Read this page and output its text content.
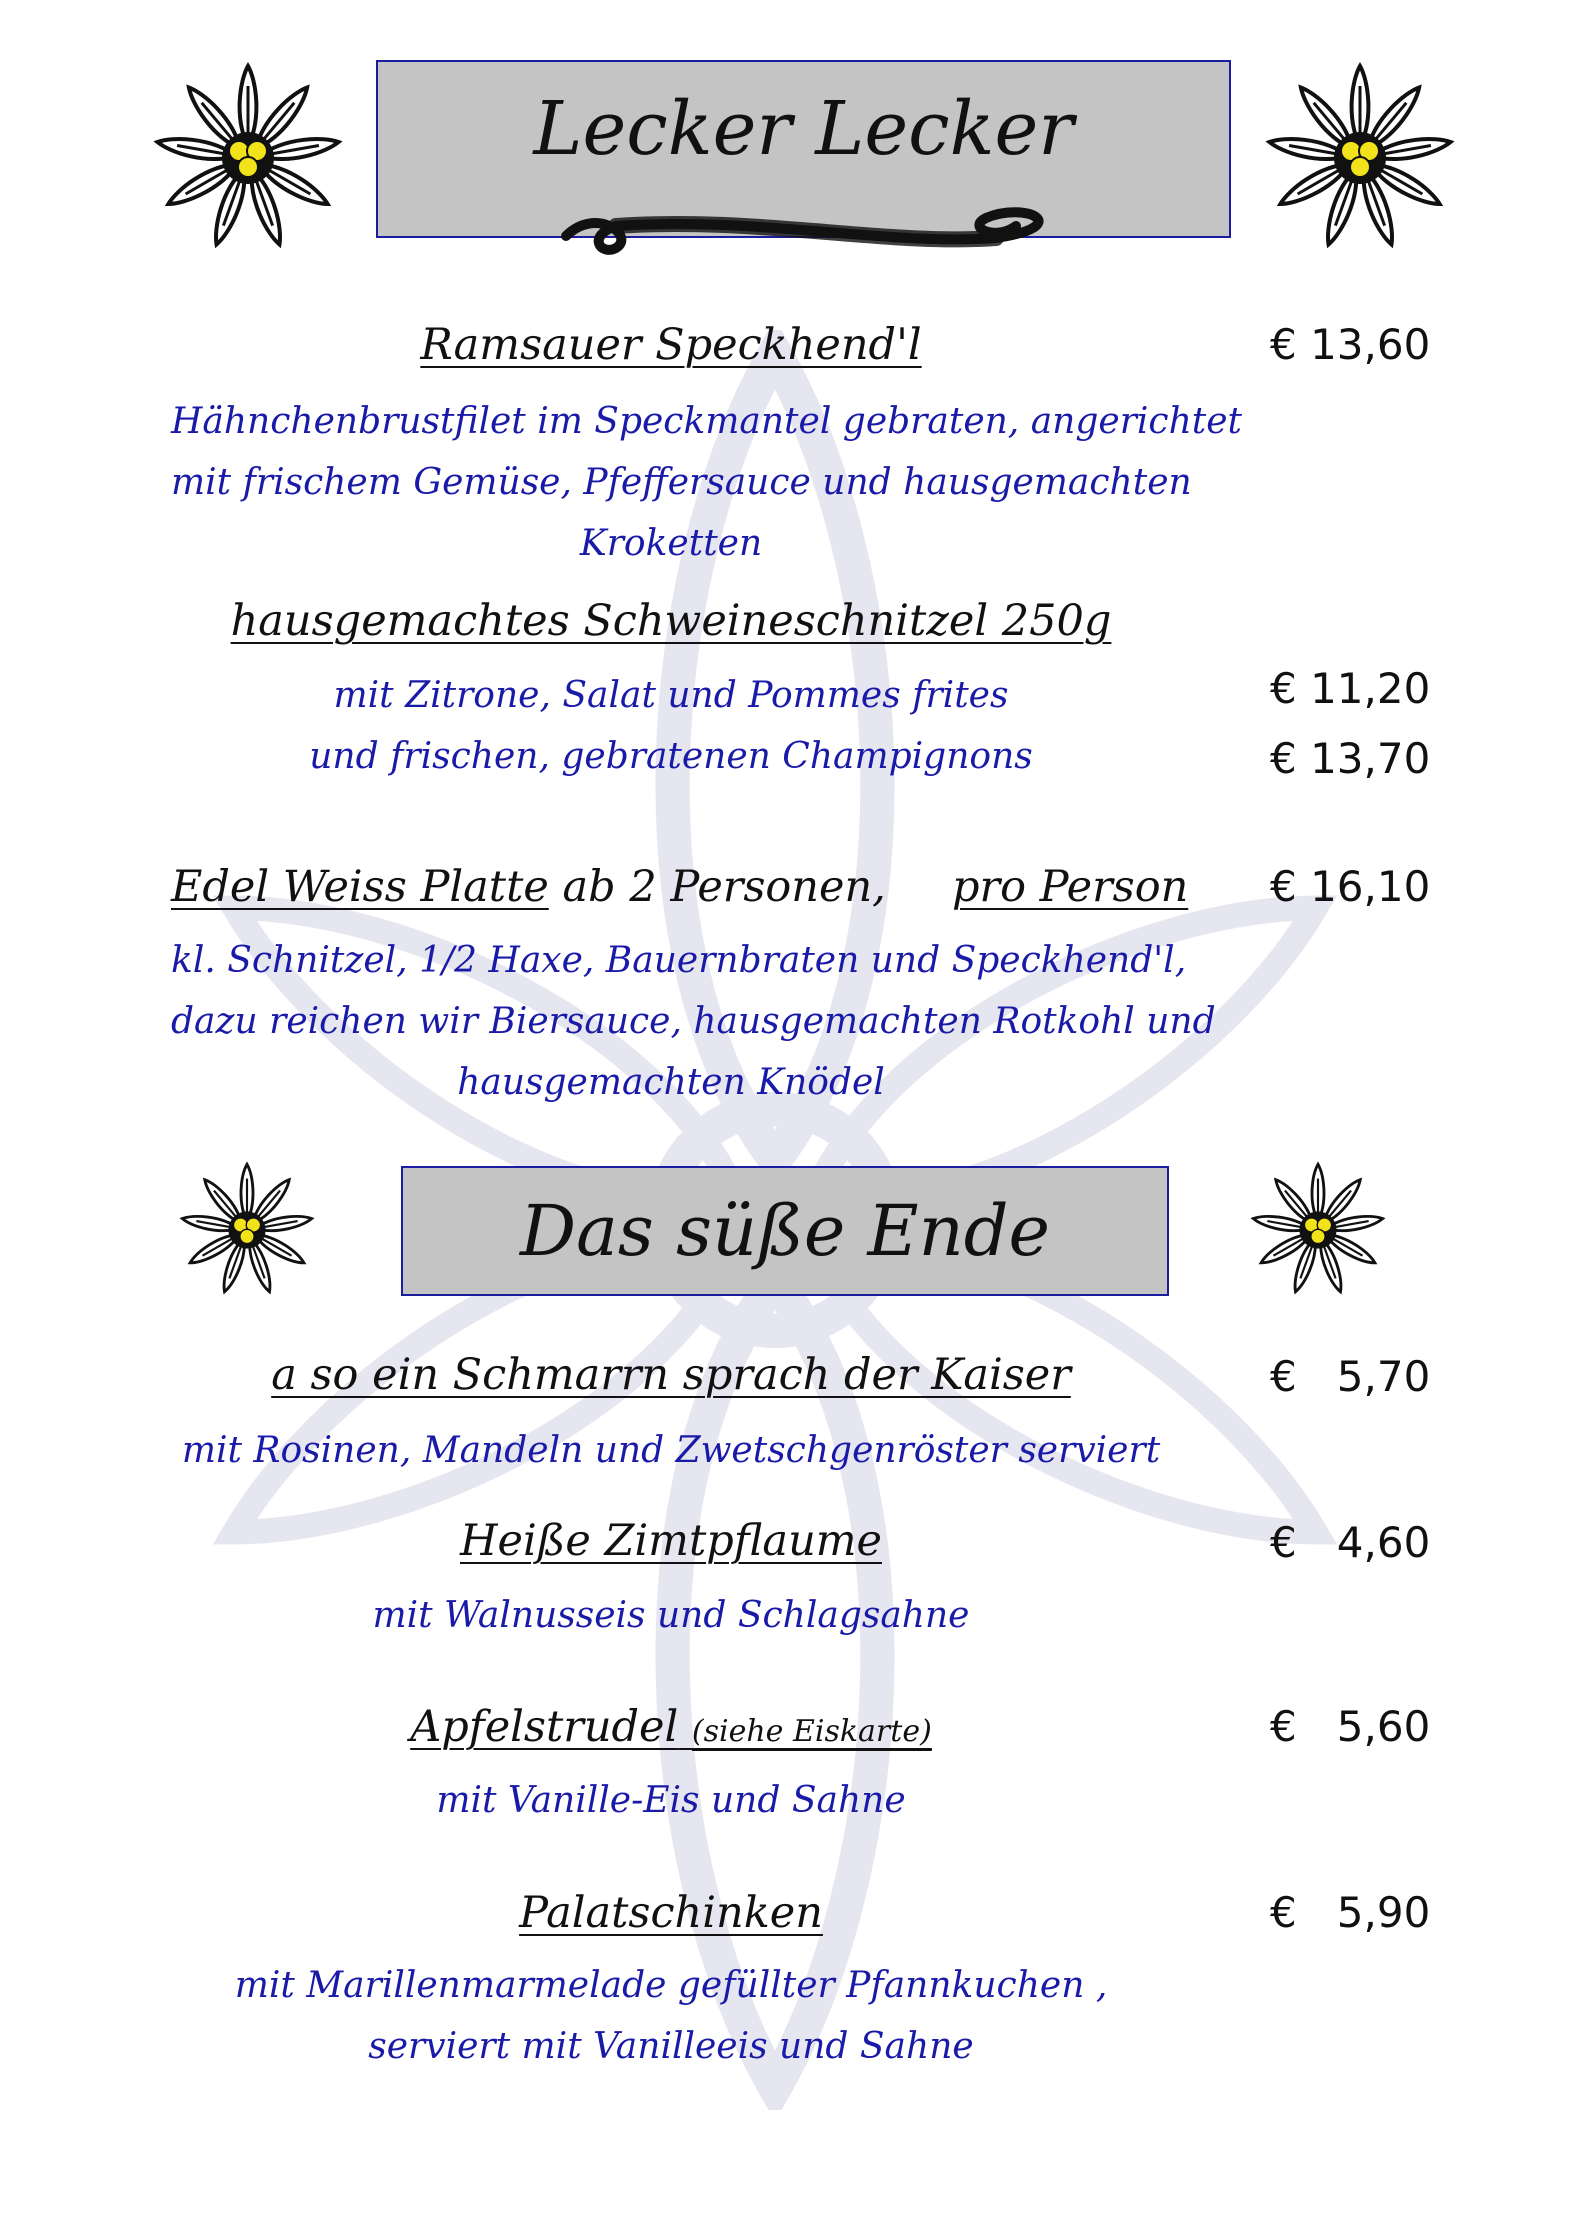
Lecker Lecker
Ramsauer Speckhend'l
Hähnchenbrustfilet im Speckmantel gebraten, angerichtet
mit frischem Gemüse, Pfeffersauce und hausgemachten
Kroketten
€ 13,60
hausgemachtes Schweineschnitzel 250g
mit Zitrone, Salat und Pommes frites
und frischen, gebratenen Champignons
€ 11,20
€ 13,70
Edel Weiss Platte ab 2 Personen, pro Person € 16,10
kl. Schnitzel, 1/2 Haxe, Bauernbraten und Speckhend'l,
dazu reichen wir Biersauce, hausgemachten Rotkohl und
hausgemachten Knödel
Das süße Ende
a so ein Schmarrn sprach der Kaiser
mit Rosinen, Mandeln und Zwetschgenröster serviert
€   5,70
Heiße Zimtpflaume
mit Walnusseis und Schlagsahne
€   4,60
Apfelstrudel (siehe Eiskarte)
mit Vanille-Eis und Sahne
€   5,60
Palatschinken
mit Marillenmarmelade gefüllter Pfannkuchen ,
serviert mit Vanilleeis und Sahne
€   5,90
